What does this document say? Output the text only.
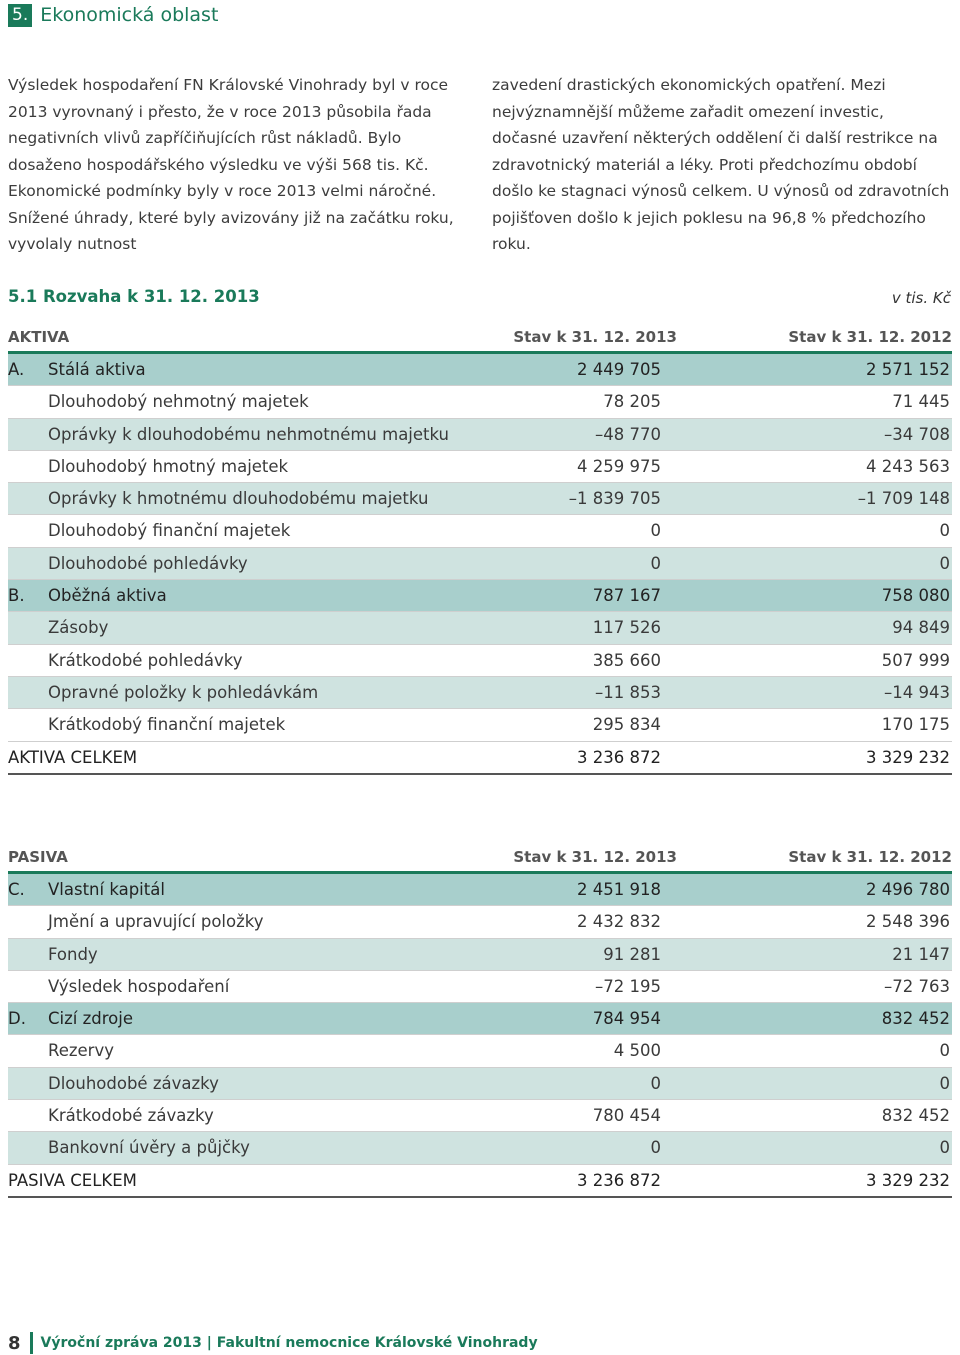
5. Ekonomická oblast

Výsledek hospodaření FN Královské Vinohrady byl v roce 2013 vyrovnaný i přesto, že v roce 2013 působila řada negativních vlivů zapříčiňujících růst nákladů. Bylo dosaženo hospodářského výsledku ve výši 568 tis. Kč. Ekonomické podmínky byly v roce 2013 velmi náročné. Snížené úhrady, které byly avizovány již na začátku roku, vyvolaly nutnost

zavedení drastických ekonomických opatření. Mezi nejvýznamnější můžeme zařadit omezení investic, dočasné uzavření některých oddělení či další restrikce na zdravotnický materiál a léky. Proti předchozímu období došlo ke stagnaci výnosů celkem. U výnosů od zdravotních pojišťoven došlo k jejich poklesu na 96,8 % předchozího roku.

5.1 Rozvaha k 31. 12. 2013	v tis. Kč
AKTIVA	Stav k 31. 12. 2013	Stav k 31. 12. 2012
A. Stálá aktiva	2 449 705	2 571 152
Dlouhodobý nehmotný majetek	78 205	71 445
Oprávky k dlouhodobému nehmotnému majetku	–48 770	–34 708
Dlouhodobý hmotný majetek	4 259 975	4 243 563
Oprávky k hmotnému dlouhodobému majetku	–1 839 705	–1 709 148
Dlouhodobý finanční majetek	0	0
Dlouhodobé pohledávky	0	0
B. Oběžná aktiva	787 167	758 080
Zásoby	117 526	94 849
Krátkodobé pohledávky	385 660	507 999
Opravné položky k pohledávkám	–11 853	–14 943
Krátkodobý finanční majetek	295 834	170 175
AKTIVA CELKEM	3 236 872	3 329 232
PASIVA	Stav k 31. 12. 2013	Stav k 31. 12. 2012
C. Vlastní kapitál	2 451 918	2 496 780
Jmění a upravující položky	2 432 832	2 548 396
Fondy	91 281	21 147
Výsledek hospodaření	–72 195	–72 763
D. Cizí zdroje	784 954	832 452
Rezervy	4 500	0
Dlouhodobé závazky	0	0
Krátkodobé závazky	780 454	832 452
Bankovní úvěry a půjčky	0	0
PASIVA CELKEM	3 236 872	3 329 232
8 Výroční zpráva 2013 | Fakultní nemocnice Královské Vinohrady
